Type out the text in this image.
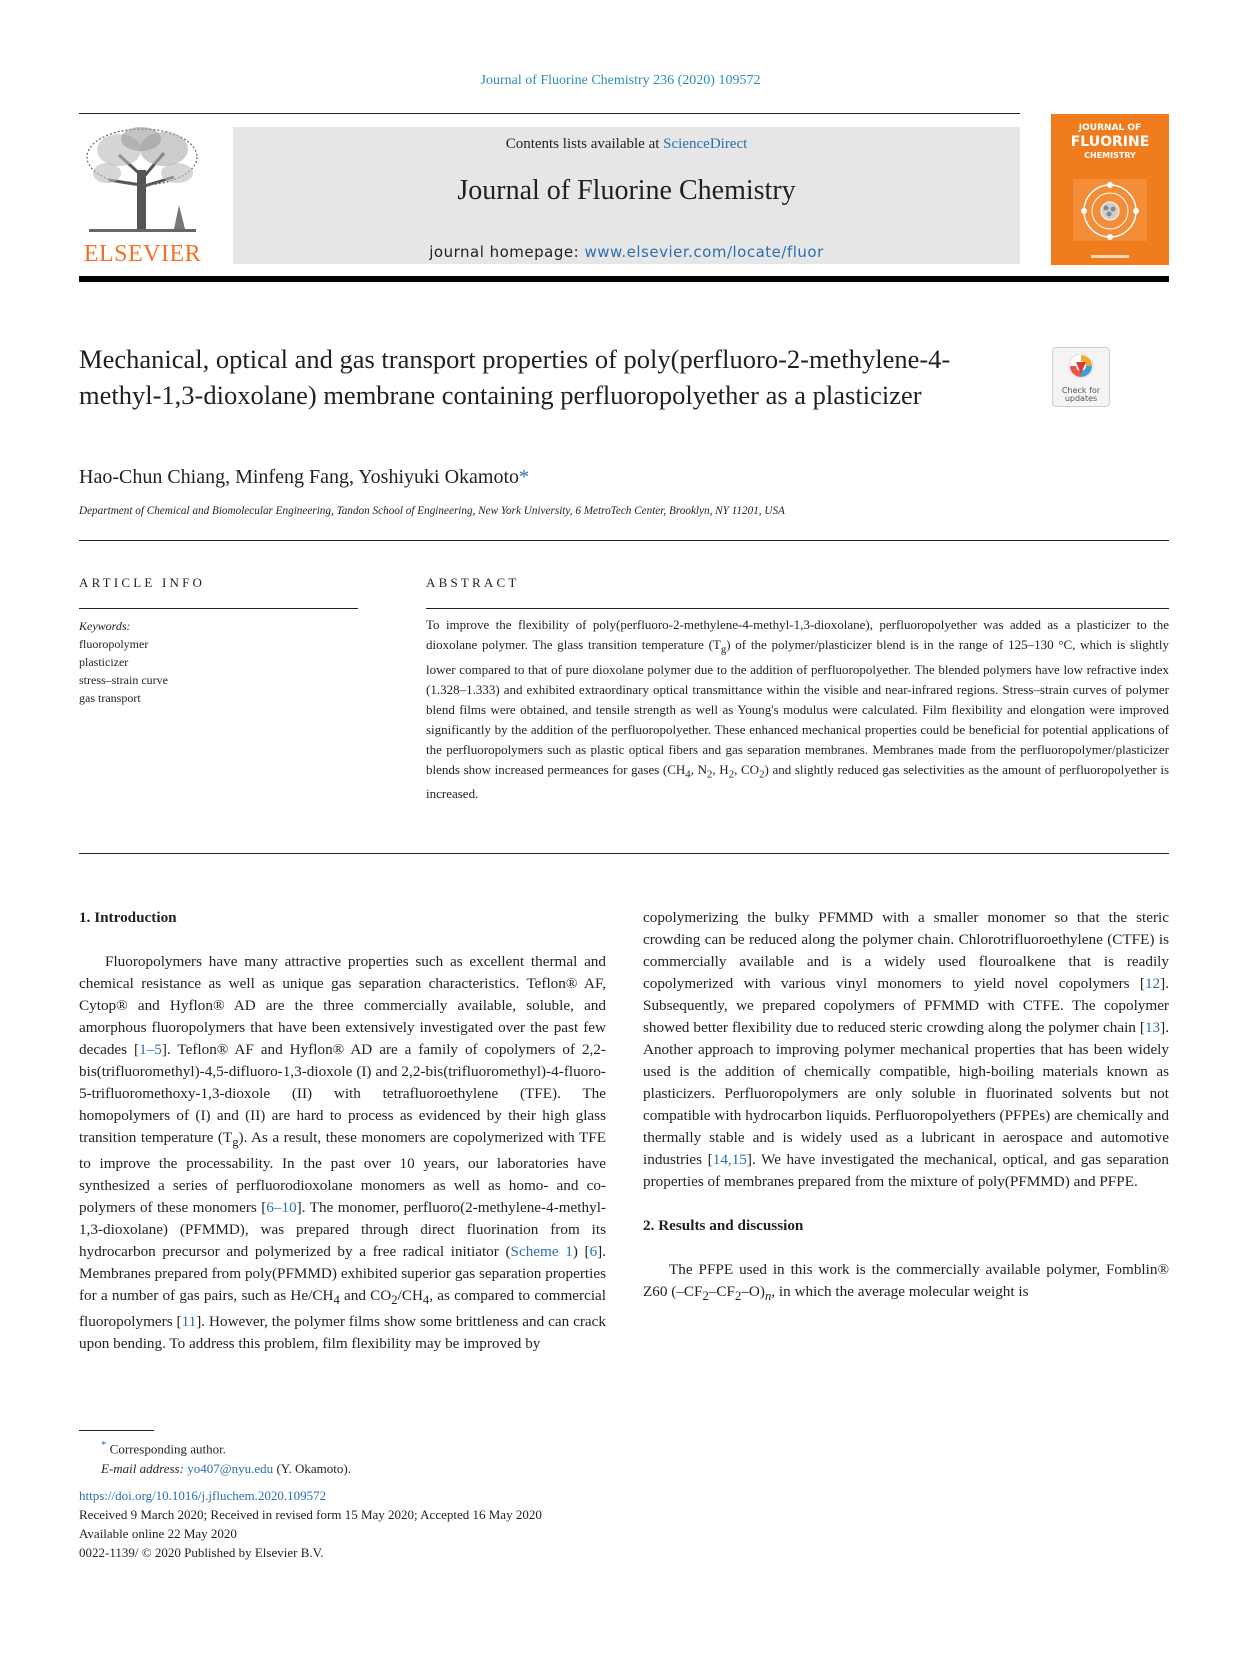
Journal of Fluorine Chemistry 236 (2020) 109572
ELSEVIER
Contents lists available at ScienceDirect
Journal of Fluorine Chemistry
journal homepage: www.elsevier.com/locate/fluor
JOURNAL OF
FLUORINE
CHEMISTRY
Mechanical, optical and gas transport properties of poly(perfluoro-2-methylene-4-methyl-1,3-dioxolane) membrane containing perfluoropolyether as a plasticizer	Check for updates
Hao-Chun Chiang, Minfeng Fang, Yoshiyuki Okamoto*
Department of Chemical and Biomolecular Engineering, Tandon School of Engineering, New York University, 6 MetroTech Center, Brooklyn, NY 11201, USA
ARTICLE INFO
Keywords:
fluoropolymer
plasticizer
stress–strain curve
gas transport
ABSTRACT

To improve the flexibility of poly(perfluoro-2-methylene-4-methyl-1,3-dioxolane), perfluoropolyether was added as a plasticizer to the dioxolane polymer. The glass transition temperature $(T_g)$ of the polymer/plasticizer blend is in the range of 125–130 °C, which is slightly lower compared to that of pure dioxolane polymer due to the addition of perfluoropolyether. The blended polymers have low refractive index (1.328–1.333) and exhibited extraordinary optical transmittance within the visible and near-infrared regions. Stress–strain curves of polymer blend films were obtained, and tensile strength as well as Young's modulus were calculated. Film flexibility and elongation were improved significantly by the addition of the perfluoropolyether. These enhanced mechanical properties could be beneficial for potential applications of the perfluoropolymers such as plastic optical fibers and gas separation membranes. Membranes made from the perfluoropolymer/plasticizer blends show increased permeances for gases ($CH_4$, $N_2$, $H_2$, $CO_2$) and slightly reduced gas selectivities as the amount of perfluoropolyether is increased.

1. Introduction

Fluoropolymers have many attractive properties such as excellent thermal and chemical resistance as well as unique gas separation characteristics. Teflon® AF, Cytop® and Hyflon® AD are the three commercially available, soluble, and amorphous fluoropolymers that have been extensively investigated over the past few decades [1–5]. Teflon® AF and Hyflon® AD are a family of copolymers of 2,2-bis(trifluoromethyl)-4,5-difluoro-1,3-dioxole (I) and 2,2-bis(trifluoromethyl)-4-fluoro-5-trifluoromethoxy-1,3-dioxole (II) with tetrafluoroethylene (TFE). The homopolymers of (I) and (II) are hard to process as evidenced by their high glass transition temperature $(T_g)$. As a result, these monomers are copolymerized with TFE to improve the processability. In the past over 10 years, our laboratories have synthesized a series of perfluorodioxolane monomers as well as homo- and co-polymers of these monomers [6–10]. The monomer, perfluoro(2-methylene-4-methyl-1,3-dioxolane) (PFMMD), was prepared through direct fluorination from its hydrocarbon precursor and polymerized by a free radical initiator (Scheme 1) [6]. Membranes prepared from poly(PFMMD) exhibited superior gas separation properties for a number of gas pairs, such as $He/CH_4$ and $CO_2/CH_4$, as compared to commercial fluoropolymers [11]. However, the polymer films show some brittleness and can crack upon bending. To address this problem, film flexibility may be improved by

copolymerizing the bulky PFMMD with a smaller monomer so that the steric crowding can be reduced along the polymer chain. Chlorotrifluoroethylene (CTFE) is commercially available and is a widely used flouroalkene that is readily copolymerized with various vinyl monomers to yield novel copolymers [12]. Subsequently, we prepared copolymers of PFMMD with CTFE. The copolymer showed better flexibility due to reduced steric crowding along the polymer chain [13]. Another approach to improving polymer mechanical properties that has been widely used is the addition of chemically compatible, high-boiling materials known as plasticizers. Perfluoropolymers are only soluble in fluorinated solvents but not compatible with hydrocarbon liquids. Perfluoropolyethers (PFPEs) are chemically and thermally stable and is widely used as a lubricant in aerospace and automotive industries [14,15]. We have investigated the mechanical, optical, and gas separation properties of membranes prepared from the mixture of poly(PFMMD) and PFPE.

2. Results and discussion

The PFPE used in this work is the commercially available polymer, Fomblin® Z60 $(-CF_2-CF_2-O)_n$, in which the average molecular weight is

* Corresponding author.
E-mail address: yo407@nyu.edu (Y. Okamoto).
https://doi.org/10.1016/j.jfluchem.2020.109572
Received 9 March 2020; Received in revised form 15 May 2020; Accepted 16 May 2020
Available online 22 May 2020
0022-1139/ © 2020 Published by Elsevier B.V.
